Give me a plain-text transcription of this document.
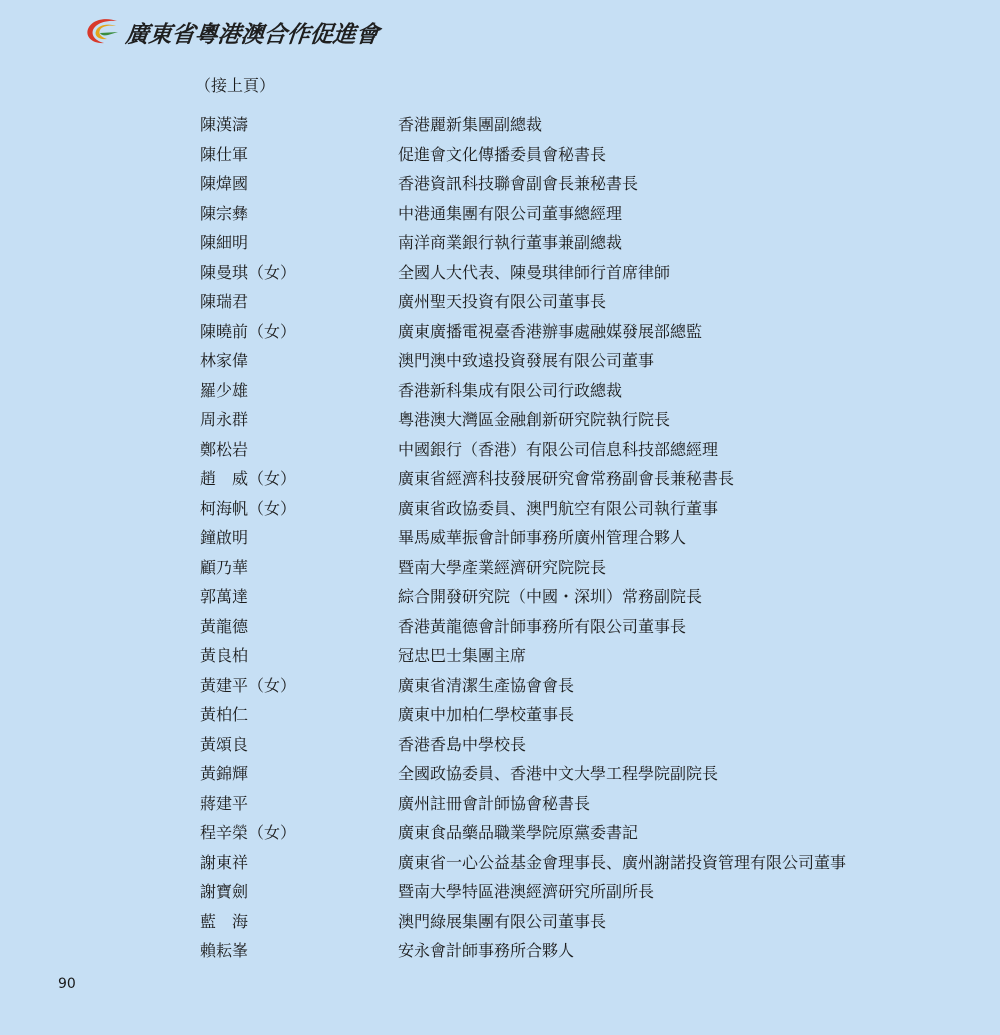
廣東省粵港澳合作促進會
（接上頁）
陳漢濤	香港麗新集團副總裁
陳仕軍	促進會文化傳播委員會秘書長
陳煒國	香港資訊科技聯會副會長兼秘書長
陳宗彝	中港通集團有限公司董事總經理
陳細明	南洋商業銀行執行董事兼副總裁
陳曼琪（女）	全國人大代表、陳曼琪律師行首席律師
陳瑞君	廣州聖天投資有限公司董事長
陳曉前（女）	廣東廣播電視臺香港辦事處融媒發展部總監
林家偉	澳門澳中致遠投資發展有限公司董事
羅少雄	香港新科集成有限公司行政總裁
周永群	粵港澳大灣區金融創新研究院執行院長
鄭松岩	中國銀行（香港）有限公司信息科技部總經理
趙　威（女）	廣東省經濟科技發展研究會常務副會長兼秘書長
柯海帆（女）	廣東省政協委員、澳門航空有限公司執行董事
鐘啟明	畢馬威華振會計師事務所廣州管理合夥人
顧乃華	暨南大學產業經濟研究院院長
郭萬達	綜合開發研究院（中國・深圳）常務副院長
黃龍德	香港黃龍德會計師事務所有限公司董事長
黃良柏	冠忠巴士集團主席
黃建平（女）	廣東省清潔生產協會會長
黃柏仁	廣東中加柏仁學校董事長
黃頌良	香港香島中學校長
黃錦輝	全國政協委員、香港中文大學工程學院副院長
蔣建平	廣州註冊會計師協會秘書長
程辛榮（女）	廣東食品藥品職業學院原黨委書記
謝東祥	廣東省一心公益基金會理事長、廣州謝諾投資管理有限公司董事
謝寶劍	暨南大學特區港澳經濟研究所副所長
藍　海	澳門綠展集團有限公司董事長
賴耘峯	安永會計師事務所合夥人
90
